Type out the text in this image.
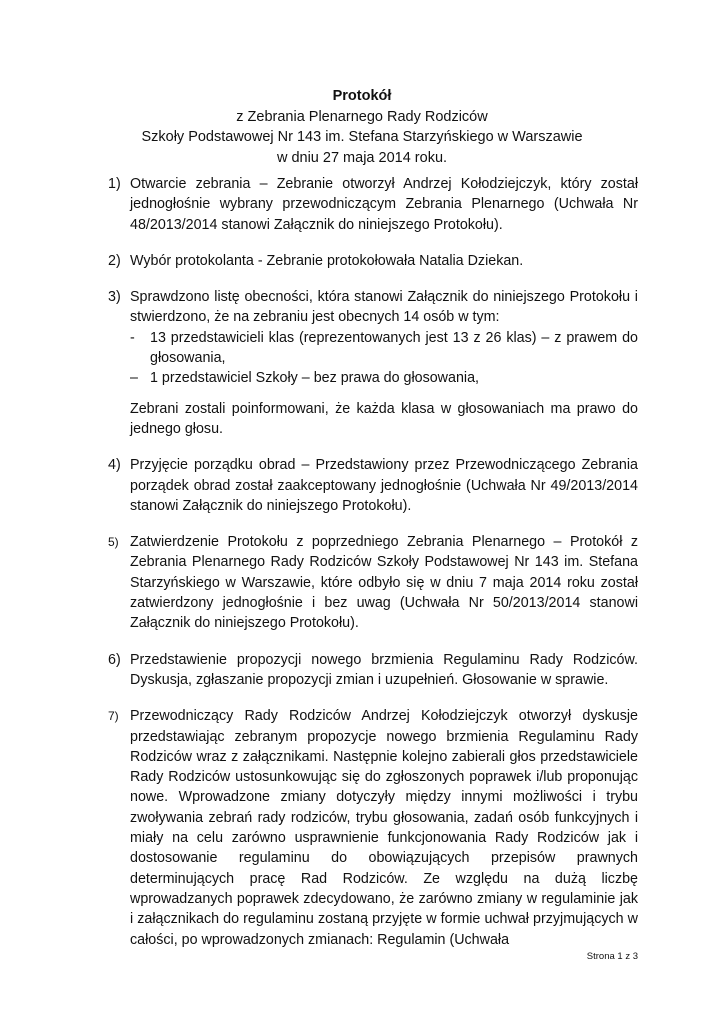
Protokół
z Zebrania Plenarnego Rady Rodziców
Szkoły Podstawowej Nr 143 im. Stefana Starzyńskiego w Warszawie
w dniu 27 maja 2014 roku.
1) Otwarcie zebrania – Zebranie otworzył Andrzej Kołodziejczyk, który został jednogłośnie wybrany przewodniczącym Zebrania Plenarnego (Uchwała Nr 48/2013/2014 stanowi Załącznik do niniejszego Protokołu).
2) Wybór protokolanta - Zebranie protokołowała Natalia Dziekan.
3) Sprawdzono listę obecności, która stanowi Załącznik do niniejszego Protokołu i stwierdzono, że na zebraniu jest obecnych 14 osób w tym:
- 13 przedstawicieli klas (reprezentowanych jest 13 z 26 klas) – z prawem do głosowania,
– 1 przedstawiciel Szkoły – bez prawa do głosowania,
Zebrani zostali poinformowani, że każda klasa w głosowaniach ma prawo do jednego głosu.
4) Przyjęcie porządku obrad – Przedstawiony przez Przewodniczącego Zebrania porządek obrad został zaakceptowany jednogłośnie (Uchwała Nr 49/2013/2014 stanowi Załącznik do niniejszego Protokołu).
5) Zatwierdzenie Protokołu z poprzedniego Zebrania Plenarnego – Protokół z Zebrania Plenarnego Rady Rodziców Szkoły Podstawowej Nr 143 im. Stefana Starzyńskiego w Warszawie, które odbyło się w dniu 7 maja 2014 roku został zatwierdzony jednogłośnie i bez uwag (Uchwała Nr 50/2013/2014 stanowi Załącznik do niniejszego Protokołu).
6) Przedstawienie propozycji nowego brzmienia Regulaminu Rady Rodziców. Dyskusja, zgłaszanie propozycji zmian i uzupełnień. Głosowanie w sprawie.
7) Przewodniczący Rady Rodziców Andrzej Kołodziejczyk otworzył dyskusje przedstawiając zebranym propozycje nowego brzmienia Regulaminu Rady Rodziców wraz z załącznikami. Następnie kolejno zabierali głos przedstawiciele Rady Rodziców ustosunkowując się do zgłoszonych poprawek i/lub proponując nowe. Wprowadzone zmiany dotyczyły między innymi możliwości i trybu zwoływania zebrań rady rodziców, trybu głosowania, zadań osób funkcyjnych i miały na celu zarówno usprawnienie funkcjonowania Rady Rodziców jak i dostosowanie regulaminu do obowiązujących przepisów prawnych determinujących pracę Rad Rodziców. Ze względu na dużą liczbę wprowadzanych poprawek zdecydowano, że zarówno zmiany w regulaminie jak i załącznikach do regulaminu zostaną przyjęte w formie uchwał przyjmujących w całości, po wprowadzonych zmianach: Regulamin (Uchwała
Strona 1 z 3
